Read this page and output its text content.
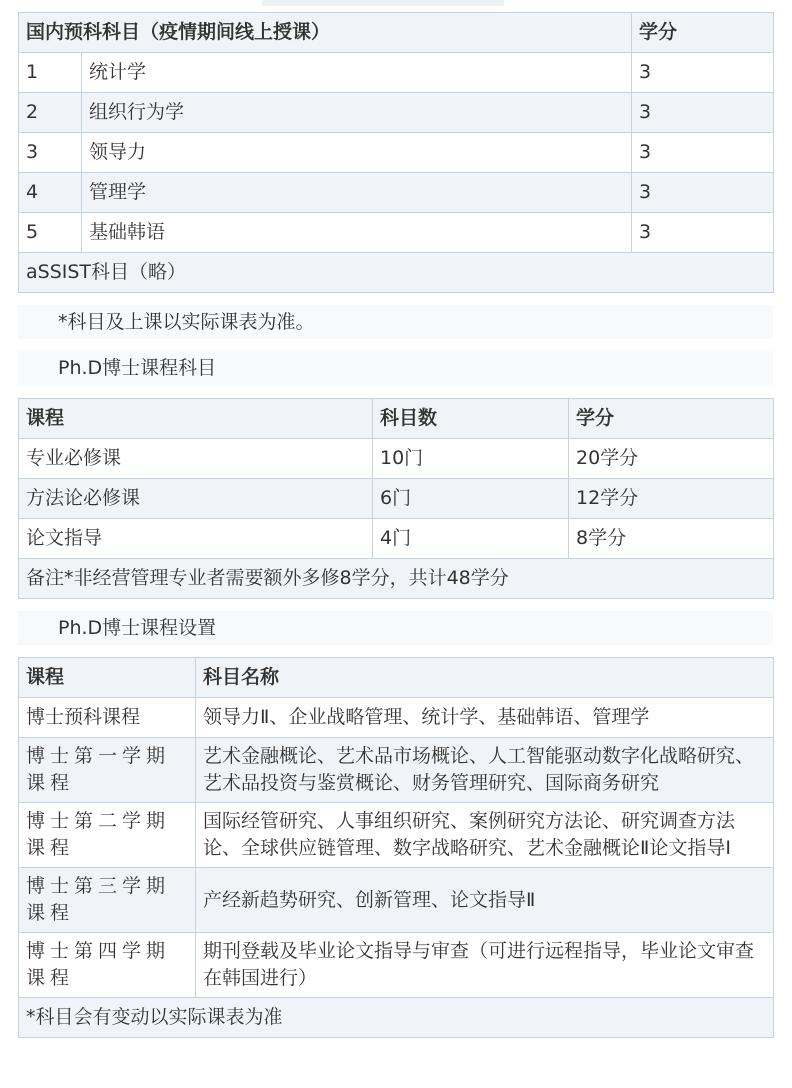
国内预科科目（疫情期间线上授课）		学分
1	统计学	3
2	组织行为学	3
3	领导力	3
4	管理学	3
5	基础韩语	3
aSSIST科目（略）		
*科目及上课以实际课表为准。
Ph.D博士课程科目
课程	科目数	学分
专业必修课	10门	20学分
方法论必修课	6门	12学分
论文指导	4门	8学分
备注*非经营管理专业者需要额外多修8学分，共计48学分		
Ph.D博士课程设置
课程	科目名称
博士预科课程	领导力Ⅱ、企业战略管理、统计学、基础韩语、管理学
博士第一学期课程	艺术金融概论、艺术品市场概论、人工智能驱动数字化战略研究、艺术品投资与鉴赏概论、财务管理研究、国际商务研究
博士第二学期课程	国际经管研究、人事组织研究、案例研究方法论、研究调查方法论、全球供应链管理、数字战略研究、艺术金融概论Ⅱ论文指导Ⅰ
博士第三学期课程	产经新趋势研究、创新管理、论文指导Ⅱ
博士第四学期课程	期刊登载及毕业论文指导与审查（可进行远程指导，毕业论文审查在韩国进行）
*科目会有变动以实际课表为准	
